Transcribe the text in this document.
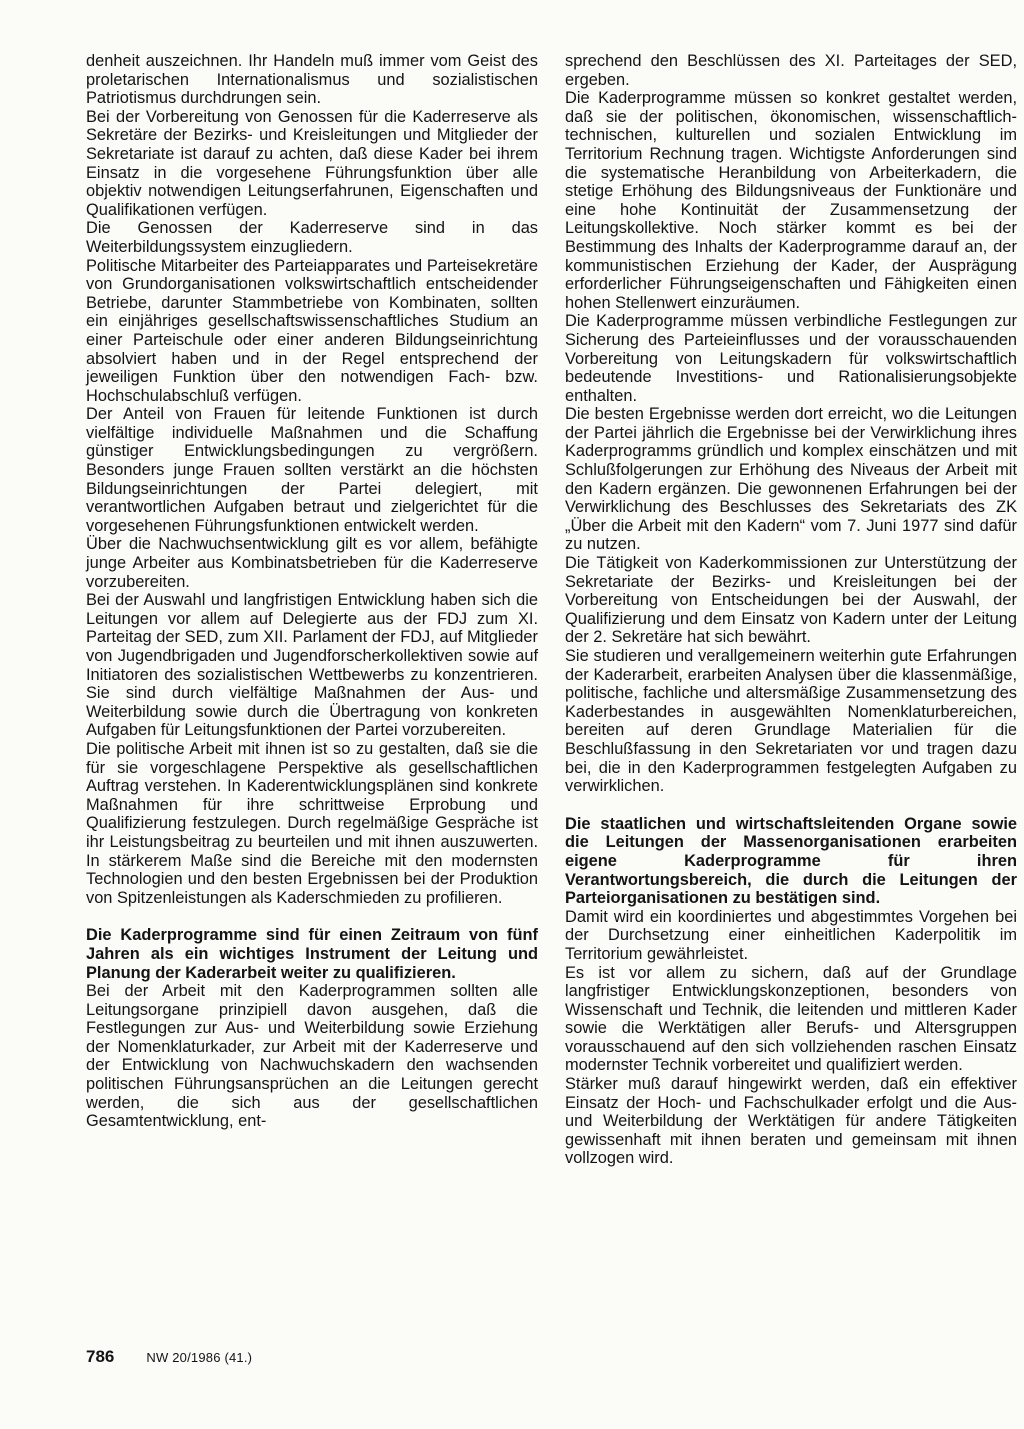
denheit auszeichnen. Ihr Handeln muß immer vom Geist des proletarischen Internationalismus und sozialistischen Patriotismus durchdrungen sein.

Bei der Vorbereitung von Genossen für die Kaderreserve als Sekretäre der Bezirks- und Kreisleitungen und Mitglieder der Sekretariate ist darauf zu achten, daß diese Kader bei ihrem Einsatz in die vorgesehene Führungsfunktion über alle objektiv notwendigen Leitungserfahrunen, Eigenschaften und Qualifikationen verfügen.

Die Genossen der Kaderreserve sind in das Weiterbildungssystem einzugliedern.

Politische Mitarbeiter des Parteiapparates und Parteisekretäre von Grundorganisationen volkswirtschaftlich entscheidender Betriebe, darunter Stammbetriebe von Kombinaten, sollten ein einjähriges gesellschaftswissenschaftliches Studium an einer Parteischule oder einer anderen Bildungseinrichtung absolviert haben und in der Regel entsprechend der jeweiligen Funktion über den notwendigen Fach- bzw. Hochschulabschluß verfügen.

Der Anteil von Frauen für leitende Funktionen ist durch vielfältige individuelle Maßnahmen und die Schaffung günstiger Entwicklungsbedingungen zu vergrößern. Besonders junge Frauen sollten verstärkt an die höchsten Bildungseinrichtungen der Partei delegiert, mit verantwortlichen Aufgaben betraut und zielgerichtet für die vorgesehenen Führungsfunktionen entwickelt werden.

Über die Nachwuchsentwicklung gilt es vor allem, befähigte junge Arbeiter aus Kombinatsbetrieben für die Kaderreserve vorzubereiten.

Bei der Auswahl und langfristigen Entwicklung haben sich die Leitungen vor allem auf Delegierte aus der FDJ zum XI. Parteitag der SED, zum XII. Parlament der FDJ, auf Mitglieder von Jugendbrigaden und Jugendforscherkollektiven sowie auf Initiatoren des sozialistischen Wettbewerbs zu konzentrieren. Sie sind durch vielfältige Maßnahmen der Aus- und Weiterbildung sowie durch die Übertragung von konkreten Aufgaben für Leitungsfunktionen der Partei vorzubereiten.

Die politische Arbeit mit ihnen ist so zu gestalten, daß sie die für sie vorgeschlagene Perspektive als gesellschaftlichen Auftrag verstehen. In Kaderentwicklungsplänen sind konkrete Maßnahmen für ihre schrittweise Erprobung und Qualifizierung festzulegen. Durch regelmäßige Gespräche ist ihr Leistungsbeitrag zu beurteilen und mit ihnen auszuwerten. In stärkerem Maße sind die Bereiche mit den modernsten Technologien und den besten Ergebnissen bei der Produktion von Spitzenleistungen als Kaderschmieden zu profilieren.

Die Kaderprogramme sind für einen Zeitraum von fünf Jahren als ein wichtiges Instrument der Leitung und Planung der Kaderarbeit weiter zu qualifizieren.

Bei der Arbeit mit den Kaderprogrammen sollten alle Leitungsorgane prinzipiell davon ausgehen, daß die Festlegungen zur Aus- und Weiterbildung sowie Erziehung der Nomenklaturkader, zur Arbeit mit der Kaderreserve und der Entwicklung von Nachwuchskadern den wachsenden politischen Führungsansprüchen an die Leitungen gerecht werden, die sich aus der gesellschaftlichen Gesamtentwicklung, ent-

sprechend den Beschlüssen des XI. Parteitages der SED, ergeben.

Die Kaderprogramme müssen so konkret gestaltet werden, daß sie der politischen, ökonomischen, wissenschaftlich-technischen, kulturellen und sozialen Entwicklung im Territorium Rechnung tragen. Wichtigste Anforderungen sind die systematische Heranbildung von Arbeiterkadern, die stetige Erhöhung des Bildungsniveaus der Funktionäre und eine hohe Kontinuität der Zusammensetzung der Leitungskollektive. Noch stärker kommt es bei der Bestimmung des Inhalts der Kaderprogramme darauf an, der kommunistischen Erziehung der Kader, der Ausprägung erforderlicher Führungseigenschaften und Fähigkeiten einen hohen Stellenwert einzuräumen.

Die Kaderprogramme müssen verbindliche Festlegungen zur Sicherung des Parteieinflusses und der vorausschauenden Vorbereitung von Leitungskadern für volkswirtschaftlich bedeutende Investitions- und Rationalisierungsobjekte enthalten.

Die besten Ergebnisse werden dort erreicht, wo die Leitungen der Partei jährlich die Ergebnisse bei der Verwirklichung ihres Kaderprogramms gründlich und komplex einschätzen und mit Schlußfolgerungen zur Erhöhung des Niveaus der Arbeit mit den Kadern ergänzen. Die gewonnenen Erfahrungen bei der Verwirklichung des Beschlusses des Sekretariats des ZK „Über die Arbeit mit den Kadern“ vom 7. Juni 1977 sind dafür zu nutzen.

Die Tätigkeit von Kaderkommissionen zur Unterstützung der Sekretariate der Bezirks- und Kreisleitungen bei der Vorbereitung von Entscheidungen bei der Auswahl, der Qualifizierung und dem Einsatz von Kadern unter der Leitung der 2. Sekretäre hat sich bewährt.

Sie studieren und verallgemeinern weiterhin gute Erfahrungen der Kaderarbeit, erarbeiten Analysen über die klassenmäßige, politische, fachliche und altersmäßige Zusammensetzung des Kaderbestandes in ausgewählten Nomenklaturbereichen, bereiten auf deren Grundlage Materialien für die Beschlußfassung in den Sekretariaten vor und tragen dazu bei, die in den Kaderprogrammen festgelegten Aufgaben zu verwirklichen.

Die staatlichen und wirtschaftsleitenden Organe sowie die Leitungen der Massenorganisationen erarbeiten eigene Kaderprogramme für ihren Verantwortungsbereich, die durch die Leitungen der Parteiorganisationen zu bestätigen sind.

Damit wird ein koordiniertes und abgestimmtes Vorgehen bei der Durchsetzung einer einheitlichen Kaderpolitik im Territorium gewährleistet.

Es ist vor allem zu sichern, daß auf der Grundlage langfristiger Entwicklungskonzeptionen, besonders von Wissenschaft und Technik, die leitenden und mittleren Kader sowie die Werktätigen aller Berufs- und Altersgruppen vorausschauend auf den sich vollziehenden raschen Einsatz modernster Technik vorbereitet und qualifiziert werden.

Stärker muß darauf hingewirkt werden, daß ein effektiver Einsatz der Hoch- und Fachschulkader erfolgt und die Aus- und Weiterbildung der Werktätigen für andere Tätigkeiten gewissenhaft mit ihnen beraten und gemeinsam mit ihnen vollzogen wird.

786 NW 20/1986 (41.)
